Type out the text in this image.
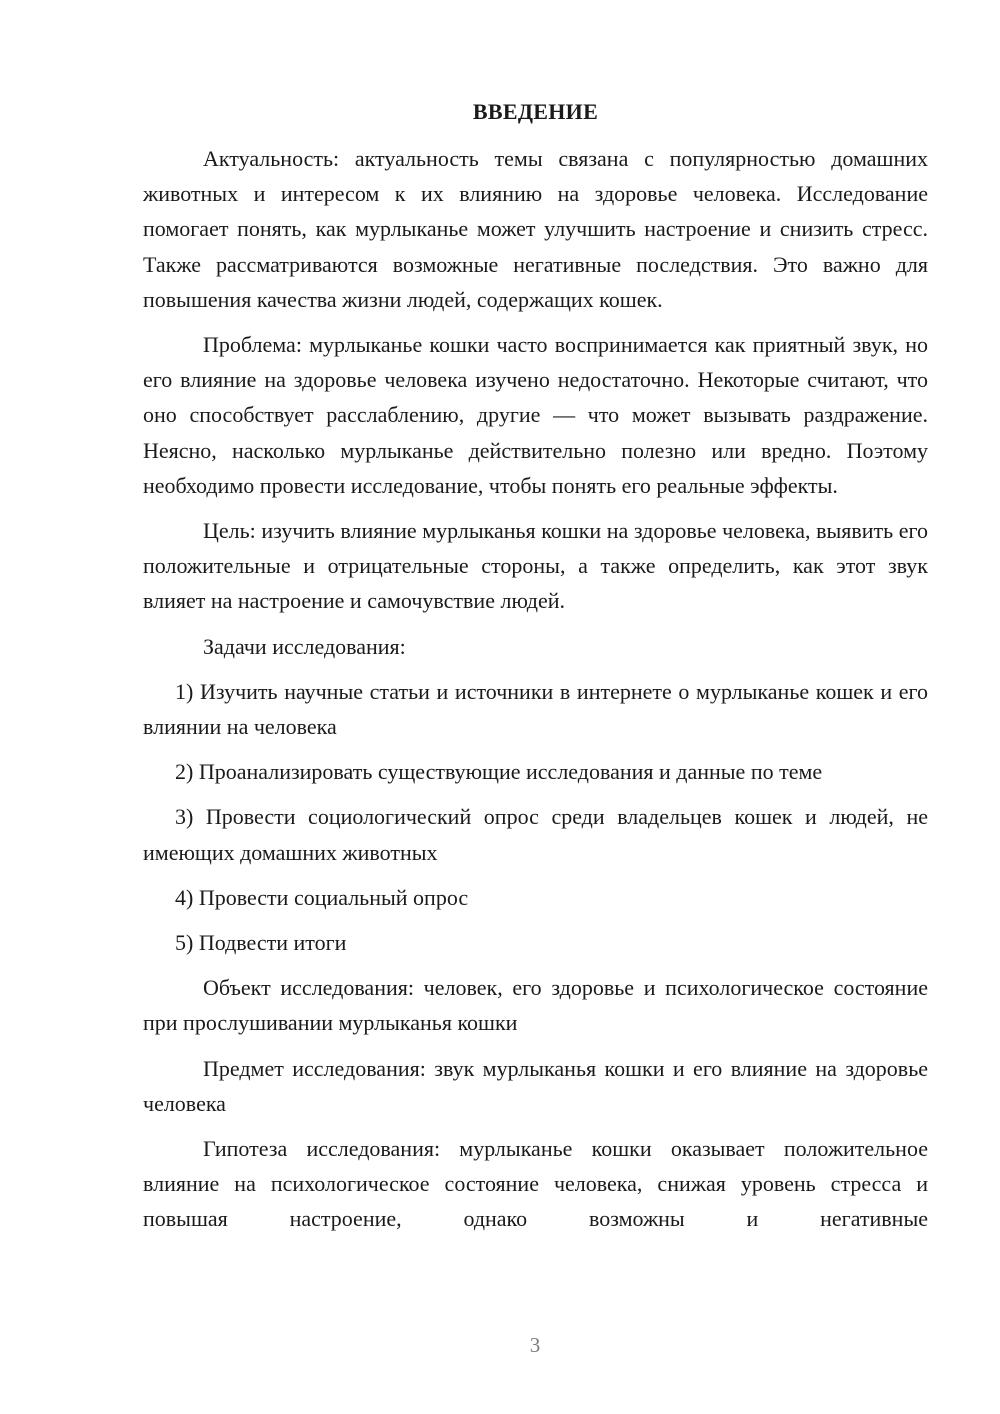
ВВЕДЕНИЕ

Актуальность: актуальность темы связана с популярностью домашних животных и интересом к их влиянию на здоровье человека. Исследование помогает понять, как мурлыканье может улучшить настроение и снизить стресс. Также рассматриваются возможные негативные последствия. Это важно для повышения качества жизни людей, содержащих кошек.

Проблема: мурлыканье кошки часто воспринимается как приятный звук, но его влияние на здоровье человека изучено недостаточно. Некоторые считают, что оно способствует расслаблению, другие — что может вызывать раздражение. Неясно, насколько мурлыканье действительно полезно или вредно. Поэтому необходимо провести исследование, чтобы понять его реальные эффекты.

Цель: изучить влияние мурлыканья кошки на здоровье человека, выявить его положительные и отрицательные стороны, а также определить, как этот звук влияет на настроение и самочувствие людей.

Задачи исследования:

1) Изучить научные статьи и источники в интернете о мурлыканье кошек и его влиянии на человека

2) Проанализировать существующие исследования и данные по теме

3) Провести социологический опрос среди владельцев кошек и людей, не имеющих домашних животных

4) Провести социальный опрос

5) Подвести итоги

Объект исследования: человек, его здоровье и психологическое состояние при прослушивании мурлыканья кошки

Предмет исследования: звук мурлыканья кошки и его влияние на здоровье человека

Гипотеза исследования: мурлыканье кошки оказывает положительное влияние на психологическое состояние человека, снижая уровень стресса и повышая настроение, однако возможны и негативные

3
